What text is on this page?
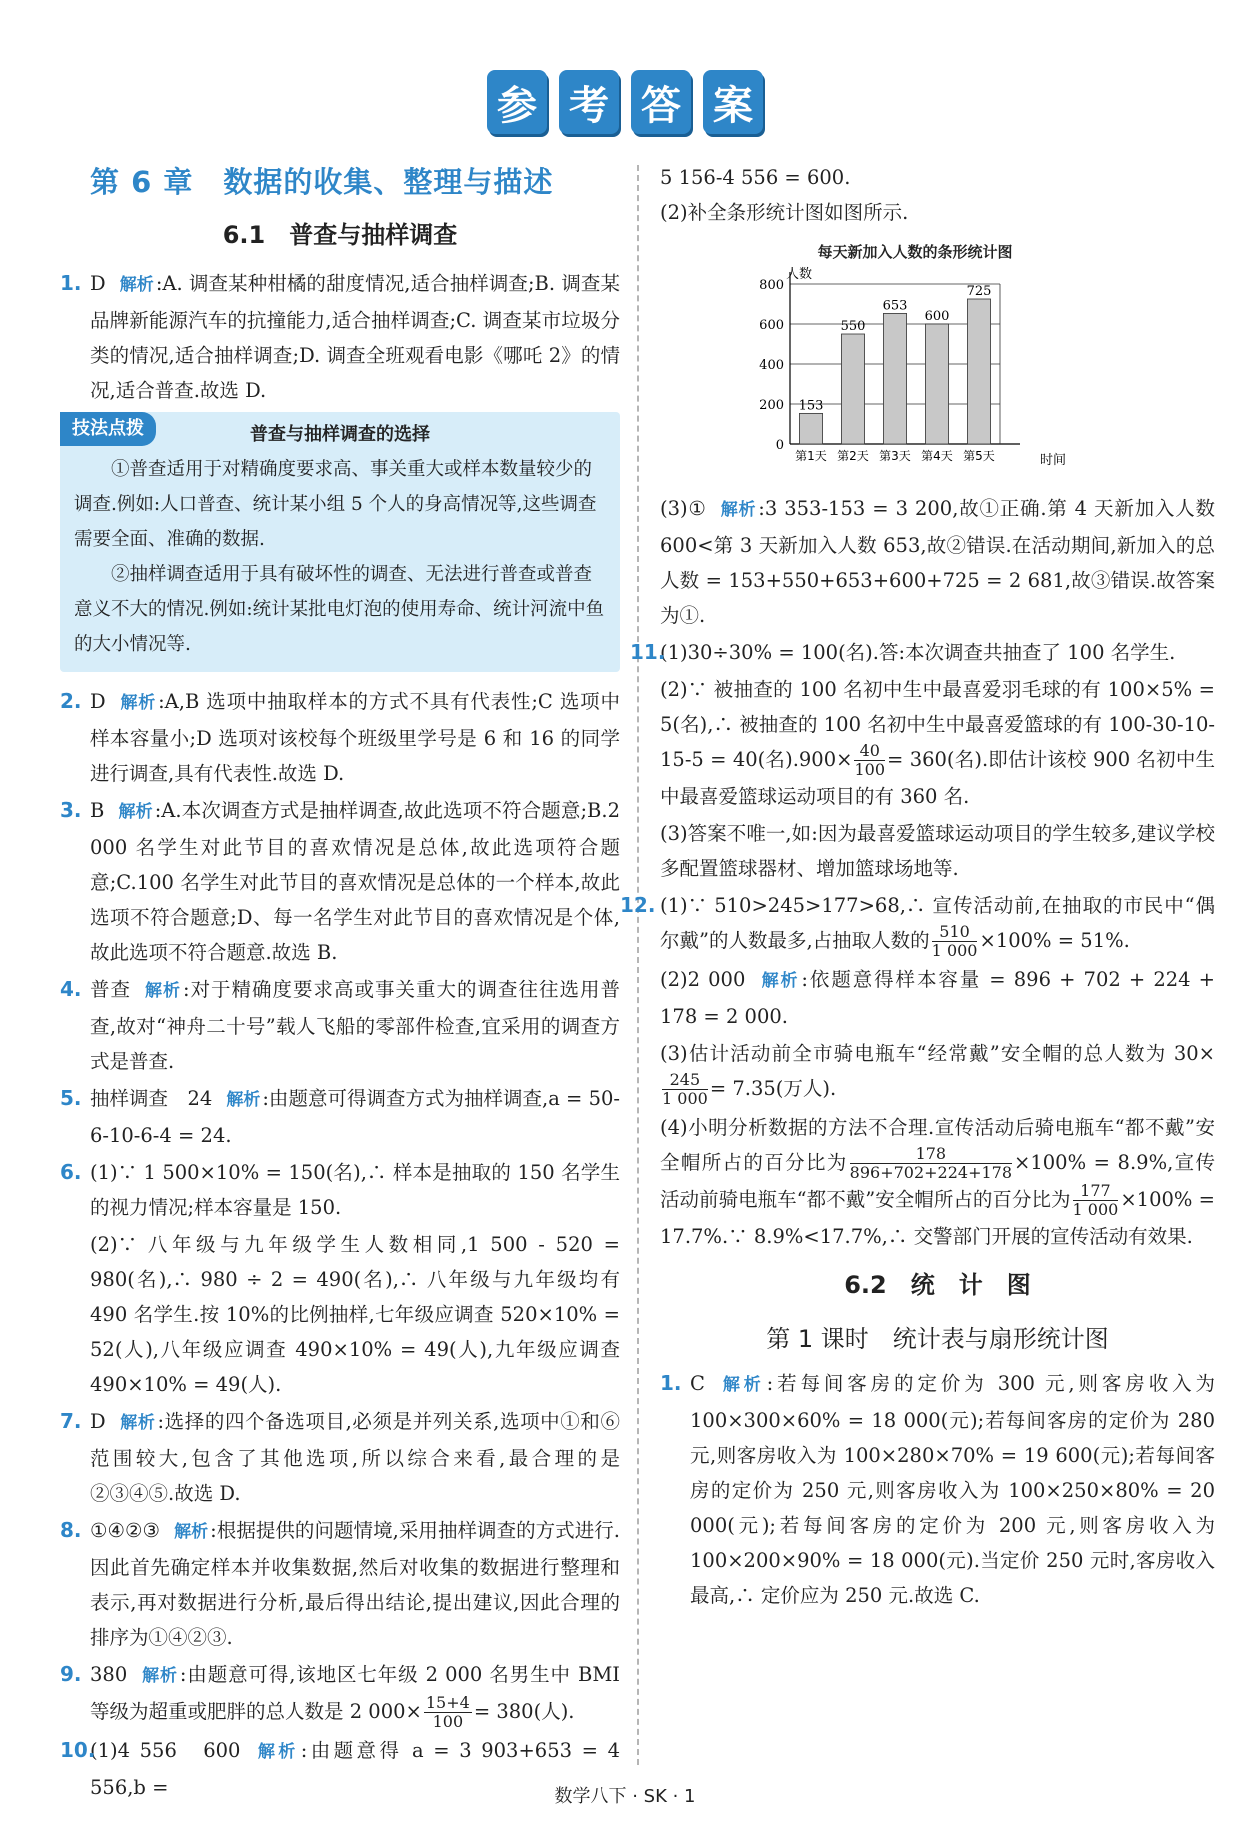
参 考 答 案
第 6 章　数据的收集、整理与描述
6.1　普查与抽样调查
1. D 解析 :A. 调查某种柑橘的甜度情况,适合抽样调查;B. 调查某品牌新能源汽车的抗撞能力,适合抽样调查;C. 调查某市垃圾分类的情况,适合抽样调查;D. 调查全班观看电影《哪吒 2》的情况,适合普查.故选 D.
技法点拨	普查与抽样调查的选择

①普查适用于对精确度要求高、事关重大或样本数量较少的调查.例如:人口普查、统计某小组 5 个人的身高情况等,这些调查需要全面、准确的数据.

②抽样调查适用于具有破坏性的调查、无法进行普查或普查意义不大的情况.例如:统计某批电灯泡的使用寿命、统计河流中鱼的大小情况等.

2. D 解析 :A,B 选项中抽取样本的方式不具有代表性;C 选项中样本容量小;D 选项对该校每个班级里学号是 6 和 16 的同学进行调查,具有代表性.故选 D.
3. B 解析 :A.本次调查方式是抽样调查,故此选项不符合题意;B.2 000 名学生对此节目的喜欢情况是总体,故此选项符合题意;C.100 名学生对此节目的喜欢情况是总体的一个样本,故此选项不符合题意;D、每一名学生对此节目的喜欢情况是个体,故此选项不符合题意.故选 B.
4. 普查 解析 :对于精确度要求高或事关重大的调查往往选用普查,故对“神舟二十号”载人飞船的零部件检查,宜采用的调查方式是普查.
5. 抽样调查　24 解析 :由题意可得调查方式为抽样调查,a = 50-6-10-6-4 = 24.
6. (1)∵ 1 500×10% = 150(名),∴ 样本是抽取的 150 名学生的视力情况;样本容量是 150.
(2)∵ 八年级与九年级学生人数相同,1 500 - 520 = 980(名),∴ 980 ÷ 2 = 490(名),∴ 八年级与九年级均有 490 名学生.按 10%的比例抽样,七年级应调查 520×10% = 52(人),八年级应调查 490×10% = 49(人),九年级应调查 490×10% = 49(人).
7. D 解析 :选择的四个备选项目,必须是并列关系,选项中①和⑥范围较大,包含了其他选项,所以综合来看,最合理的是②③④⑤.故选 D.
8. ①④②③ 解析 :根据提供的问题情境,采用抽样调查的方式进行.因此首先确定样本并收集数据,然后对收集的数据进行整理和表示,再对数据进行分析,最后得出结论,提出建议,因此合理的排序为①④②③.
9. 380 解析 :由题意可得,该地区七年级 2 000 名男生中 BMI 等级为超重或肥胖的总人数是 2 $000\times \frac{15+4}{100} = 380$(人).
10.
(1)4 556　600 解析 :由题意得 a = 3 903+653 = 4 556,b =

5 156-4 556 = 600.

(2)补全条形统计图如图所示.

每天新加入人数的条形统计图
人数
时间
0
200
400
600
800
153
第1天
550
第2天
653
第3天
600
第4天
725
第5天
(3)① 解析 :3 353-153 = 3 200,故①正确.第 4 天新加入人数 600<第 3 天新加入人数 653,故②错误.在活动期间,新加入的总人数 = 153+550+653+600+725 = 2 681,故③错误.故答案为①.
11.
(1)30÷30% = 100(名).答:本次调查共抽查了 100 名学生.
(2)∵ 被抽查的 100 名初中生中最喜爱羽毛球的有 100×5% = 5(名),∴ 被抽查的 100 名初中生中最喜爱篮球的有 100-30-10-15-5 = 40(名)$.900\times \frac{40}{100} = 360$(名).即估计该校 900 名初中生中最喜爱篮球运动项目的有 360 名.
(3)答案不唯一,如:因为最喜爱篮球运动项目的学生较多,建议学校多配置篮球器材、增加篮球场地等.
12. (1)∵ 510>245>177>68,∴ 宣传活动前,在抽取的市民中“偶尔戴”的人数最多,占抽取人数的 $\frac{510}{1 000} \times 100\% = 51\%$.
(2)2 000 解析 :依题意得样本容量 = 896 + 702 + 224 + 178 = 2 000.
(3)估计活动前全市骑电瓶车“经常戴”安全帽的总人数为 30×
$\frac{245}{1 000} = 7.35$(万人).
(4)小明分析数据的方法不合理.宣传活动后骑电瓶车“都不戴”安全帽所占的百分比为 $\frac{178}{896+702+224+178} \times 100\% = 8.9\%$,宣传活动前骑电瓶车“都不戴”安全帽所占的百分比为 $\frac{177}{1 000} \times 100\%$ = 17.7%.∵ 8.9%<17.7%,∴ 交警部门开展的宣传活动有效果.
6.2　统　计　图
第 1 课时　统计表与扇形统计图
1. C 解析 :若每间客房的定价为 300 元,则客房收入为 100×300×60% = 18 000(元);若每间客房的定价为 280 元,则客房收入为 100×280×70% = 19 600(元);若每间客房的定价为 250 元,则客房收入为 100×250×80% = 20 000(元);若每间客房的定价为 200 元,则客房收入为 100×200×90% = 18 000(元).当定价 250 元时,客房收入最高,∴ 定价应为 250 元.故选 C.
数学八下 · SK · 1
